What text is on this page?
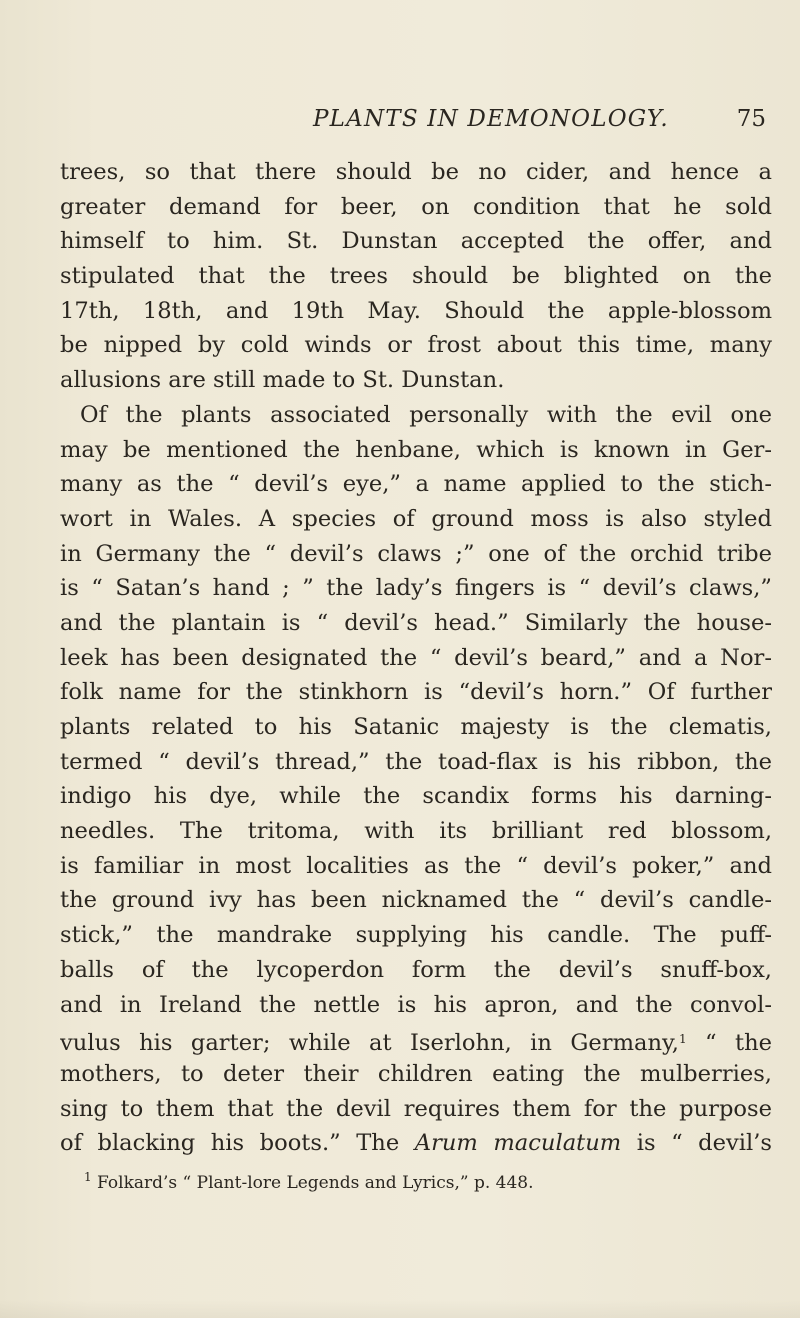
PLANTS IN DEMONOLOGY.	75
trees, so that there should be no cider, and hence a
greater demand for beer, on condition that he sold
himself to him. St. Dunstan accepted the offer, and
stipulated that the trees should be blighted on the
17th, 18th, and 19th May. Should the apple-blossom
be nipped by cold winds or frost about this time, many
allusions are still made to St. Dunstan.
Of the plants associated personally with the evil one
may be mentioned the henbane, which is known in Ger-
many as the “ devil’s eye,” a name applied to the stich-
wort in Wales. A species of ground moss is also styled
in Germany the “ devil’s claws ;” one of the orchid tribe
is “ Satan’s hand ; ” the lady’s fingers is “ devil’s claws,”
and the plantain is “ devil’s head.” Similarly the house-
leek has been designated the “ devil’s beard,” and a Nor-
folk name for the stinkhorn is “devil’s horn.” Of further
plants related to his Satanic majesty is the clematis,
termed “ devil’s thread,” the toad-flax is his ribbon, the
indigo his dye, while the scandix forms his darning-
needles. The tritoma, with its brilliant red blossom,
is familiar in most localities as the “ devil’s poker,” and
the ground ivy has been nicknamed the “ devil’s candle-
stick,” the mandrake supplying his candle. The puff-
balls of the lycoperdon form the devil’s snuff-box,
and in Ireland the nettle is his apron, and the convol-
vulus his garter; while at Iserlohn, in Germany,$^1$ “ the
mothers, to deter their children eating the mulberries,
sing to them that the devil requires them for the purpose
of blacking his boots.” The Arum maculatum is “ devil’s
$^1$ Folkard’s “ Plant-lore Legends and Lyrics,” p. 448.
